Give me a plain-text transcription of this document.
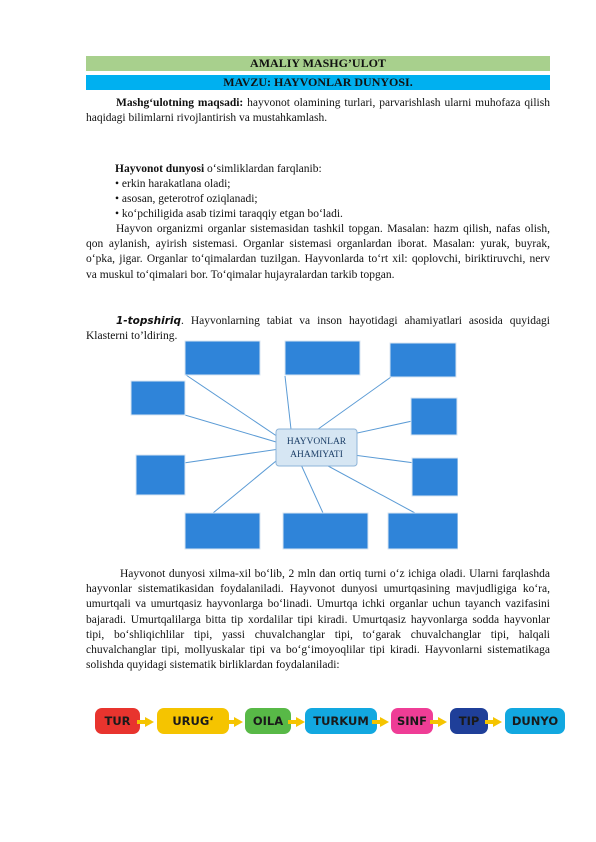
AMALIY MASHG’ULOT
MAVZU: HAYVONLAR DUNYOSI.

Mashg‘ulotning maqsadi: hayvonot olamining turlari, parvarishlash ularni muhofaza qilish haqidagi bilimlarni rivojlantirish va mustahkamlash.

Hayvonot dunyosi o‘simliklardan farqlanib:
• erkin harakatlana oladi;
• asosan, geterotrof oziqlanadi;
• ko‘pchiligida asab tizimi taraqqiy etgan bo‘ladi.

Hayvon organizmi organlar sistemasidan tashkil topgan. Masalan: hazm qilish, nafas olish, qon aylanish, ayirish sistemasi. Organlar sistemasi organlardan iborat. Masalan: yurak, buyrak, o‘pka, jigar. Organlar to‘qimalardan tuzilgan. Hayvonlarda to‘rt xil: qoplovchi, biriktiruvchi, nerv va muskul to‘qimalari bor. To‘qimalar hujayralardan tarkib topgan.

1-topshiriq. Hayvonlarning tabiat va inson hayotidagi ahamiyatlari asosida quyidagi Klasterni to’ldiring.

HAYVONLAR
AHAMIYATI

Hayvonot dunyosi xilma-xil bo‘lib, 2 mln dan ortiq turni o‘z ichiga oladi. Ularni farqlashda hayvonlar sistematikasidan foydalaniladi. Hayvonot dunyosi umurtqasining mavjudligiga ko‘ra, umurtqali va umurtqasiz hayvonlarga bo‘linadi. Umurtqa ichki organlar uchun tayanch vazifasini bajaradi. Umurtqalilarga bitta tip xordalilar tipi kiradi. Umurtqasiz hayvonlarga sodda hayvonlar tipi, bo‘shliqichlilar tipi, yassi chuvalchanglar tipi, to‘garak chuvalchanglar tipi, halqali chuvalchanglar tipi, mollyuskalar tipi va bo‘g‘imoyoqlilar tipi kiradi. Hayvonlarni sistematikaga solishda quyidagi sistematik birliklardan foydalaniladi:

TUR	URUG‘	OILA	TURKUM	SINF	TIP	DUNYO
